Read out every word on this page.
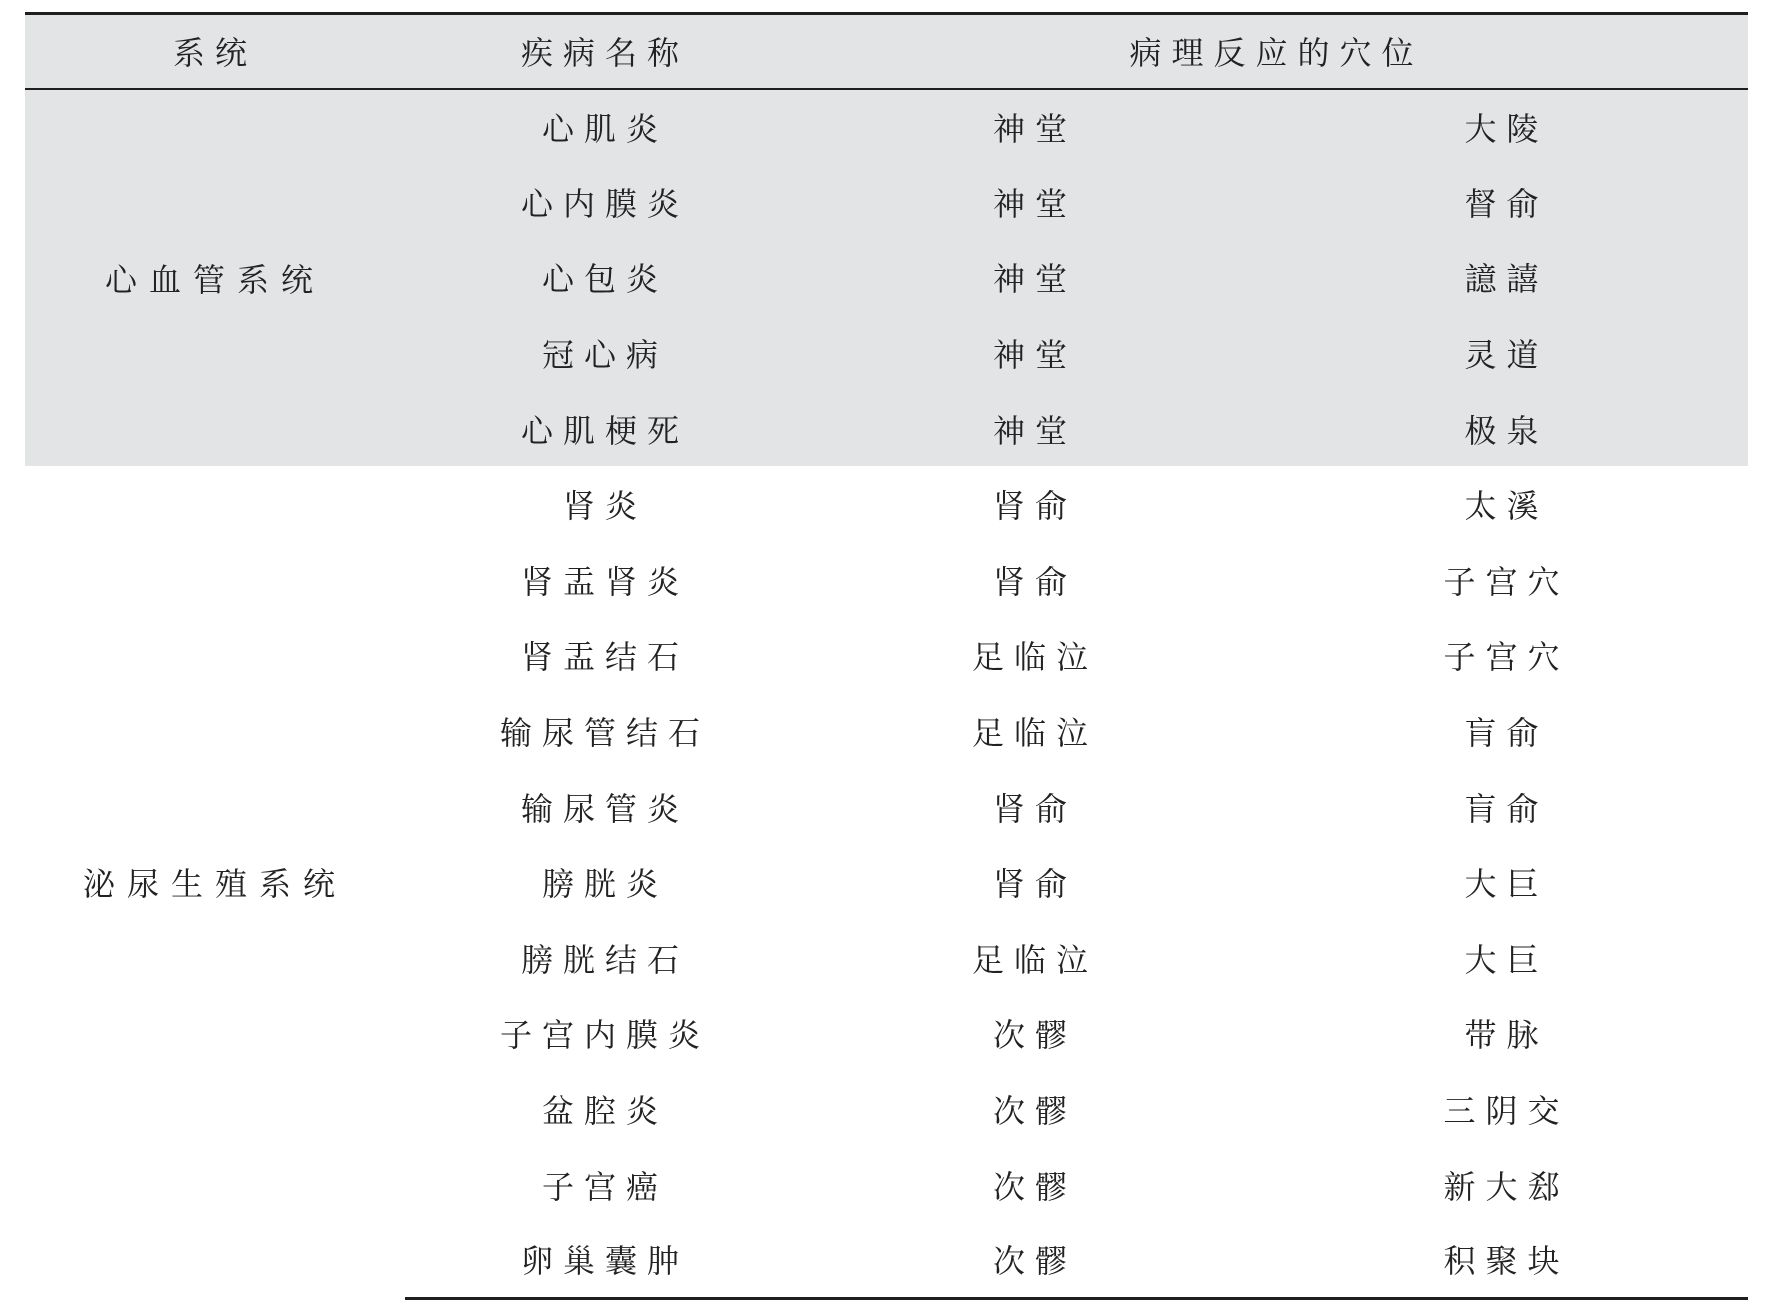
系统	疾病名称	病理反应的穴位	
心血管系统	心肌炎	神堂	大陵
	心内膜炎	神堂	督俞
	心包炎	神堂	譩譆
	冠心病	神堂	灵道
	心肌梗死	神堂	极泉
泌尿生殖系统	肾炎	肾俞	太溪
	肾盂肾炎	肾俞	子宫穴
	肾盂结石	足临泣	子宫穴
	输尿管结石	足临泣	肓俞
	输尿管炎	肾俞	肓俞
	膀胱炎	肾俞	大巨
	膀胱结石	足临泣	大巨
	子宫内膜炎	次髎	带脉
	盆腔炎	次髎	三阴交
	子宫癌	次髎	新大郄
	卵巢囊肿	次髎	积聚块
